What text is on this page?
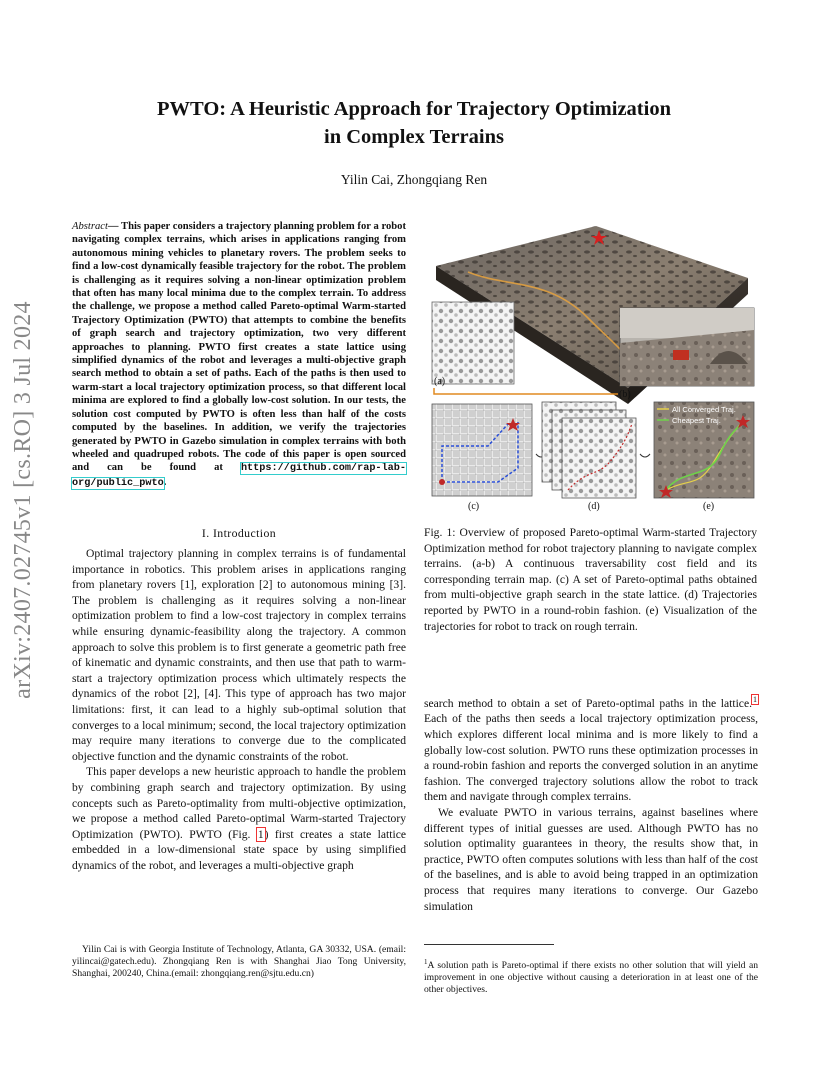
PWTO: A Heuristic Approach for Trajectory Optimization
in Complex Terrains
Yilin Cai, Zhongqiang Ren
arXiv:2407.02745v1 [cs.RO] 3 Jul 2024
Abstract— This paper considers a trajectory planning problem for a robot navigating complex terrains, which arises in applications ranging from autonomous mining vehicles to planetary rovers. The problem seeks to find a low-cost dynamically feasible trajectory for the robot. The problem is challenging as it requires solving a non-linear optimization problem that often has many local minima due to the complex terrain. To address the challenge, we propose a method called Pareto-optimal Warm-started Trajectory Optimization (PWTO) that attempts to combine the benefits of graph search and trajectory optimization, two very different approaches to planning. PWTO first creates a state lattice using simplified dynamics of the robot and leverages a multi-objective graph search method to obtain a set of paths. Each of the paths is then used to warm-start a local trajectory optimization process, so that different local minima are explored to find a globally low-cost solution. In our tests, the solution cost computed by PWTO is often less than half of the costs computed by the baselines. In addition, we verify the trajectories generated by PWTO in Gazebo simulation in complex terrains with both wheeled and quadruped robots. The code of this paper is open sourced and can be found at https://github.com/rap-lab-org/public_pwto.
I. Introduction

Optimal trajectory planning in complex terrains is of fundamental importance in robotics. This problem arises in applications ranging from planetary rovers [1], exploration [2] to autonomous mining [3]. The problem is challenging as it requires solving a non-linear optimization problem to find a low-cost trajectory in complex terrains while ensuring dynamic-feasibility along the trajectory. A common approach to solve this problem is to first generate a geometric path free of kinematic and dynamic constraints, and then use that path to warm-start a trajectory optimization process which ultimately respects the dynamics of the robot [2], [4]. This type of approach has two major limitations: first, it can lead to a highly sub-optimal solution that converges to a local minimum; second, the local trajectory optimization may require many iterations to converge due to the complicated objective function and the dynamic constraints of the robot.

This paper develops a new heuristic approach to handle the problem by combining graph search and trajectory optimization. By using concepts such as Pareto-optimality from multi-objective optimization, we propose a method called Pareto-optimal Warm-started Trajectory Optimization (PWTO). PWTO (Fig. 1) first creates a state lattice embedded in a low-dimensional state space by using simplified dynamics of the robot, and leverages a multi-objective graph

Yilin Cai is with Georgia Institute of Technology, Atlanta, GA 30332, USA. (email: yilincai@gatech.edu). Zhongqiang Ren is with Shanghai Jiao Tong University, Shanghai, 200240, China.(email: zhongqiang.ren@sjtu.edu.cn)

(a)
(b)
(c)	(d)
All Converged Traj.
Cheapest Traj.
(e)
Fig. 1: Overview of proposed Pareto-optimal Warm-started Trajectory Optimization method for robot trajectory planning to navigate complex terrains. (a-b) A continuous traversability cost field and its corresponding terrain map. (c) A set of Pareto-optimal paths obtained from multi-objective graph search in the state lattice. (d) Trajectories reported by PWTO in a round-robin fashion. (e) Visualization of the trajectories for robot to track on rough terrain.

search method to obtain a set of Pareto-optimal paths in the lattice.$^1$ Each of the paths then seeds a local trajectory optimization process, which explores different local minima and is more likely to find a globally low-cost solution. PWTO runs these optimization processes in a round-robin fashion and reports the converged solution in an anytime fashion. The converged trajectory solutions allow the robot to track them and navigate through complex terrains.

We evaluate PWTO in various terrains, against baselines where different types of initial guesses are used. Although PWTO has no solution optimality guarantees in theory, the results show that, in practice, PWTO often computes solutions with less than half of the cost of the baselines, and is able to avoid being trapped in an optimization process that requires many iterations to converge. Our Gazebo simulation

$^1$A solution path is Pareto-optimal if there exists no other solution that will yield an improvement in one objective without causing a deterioration in at least one of the other objectives.
